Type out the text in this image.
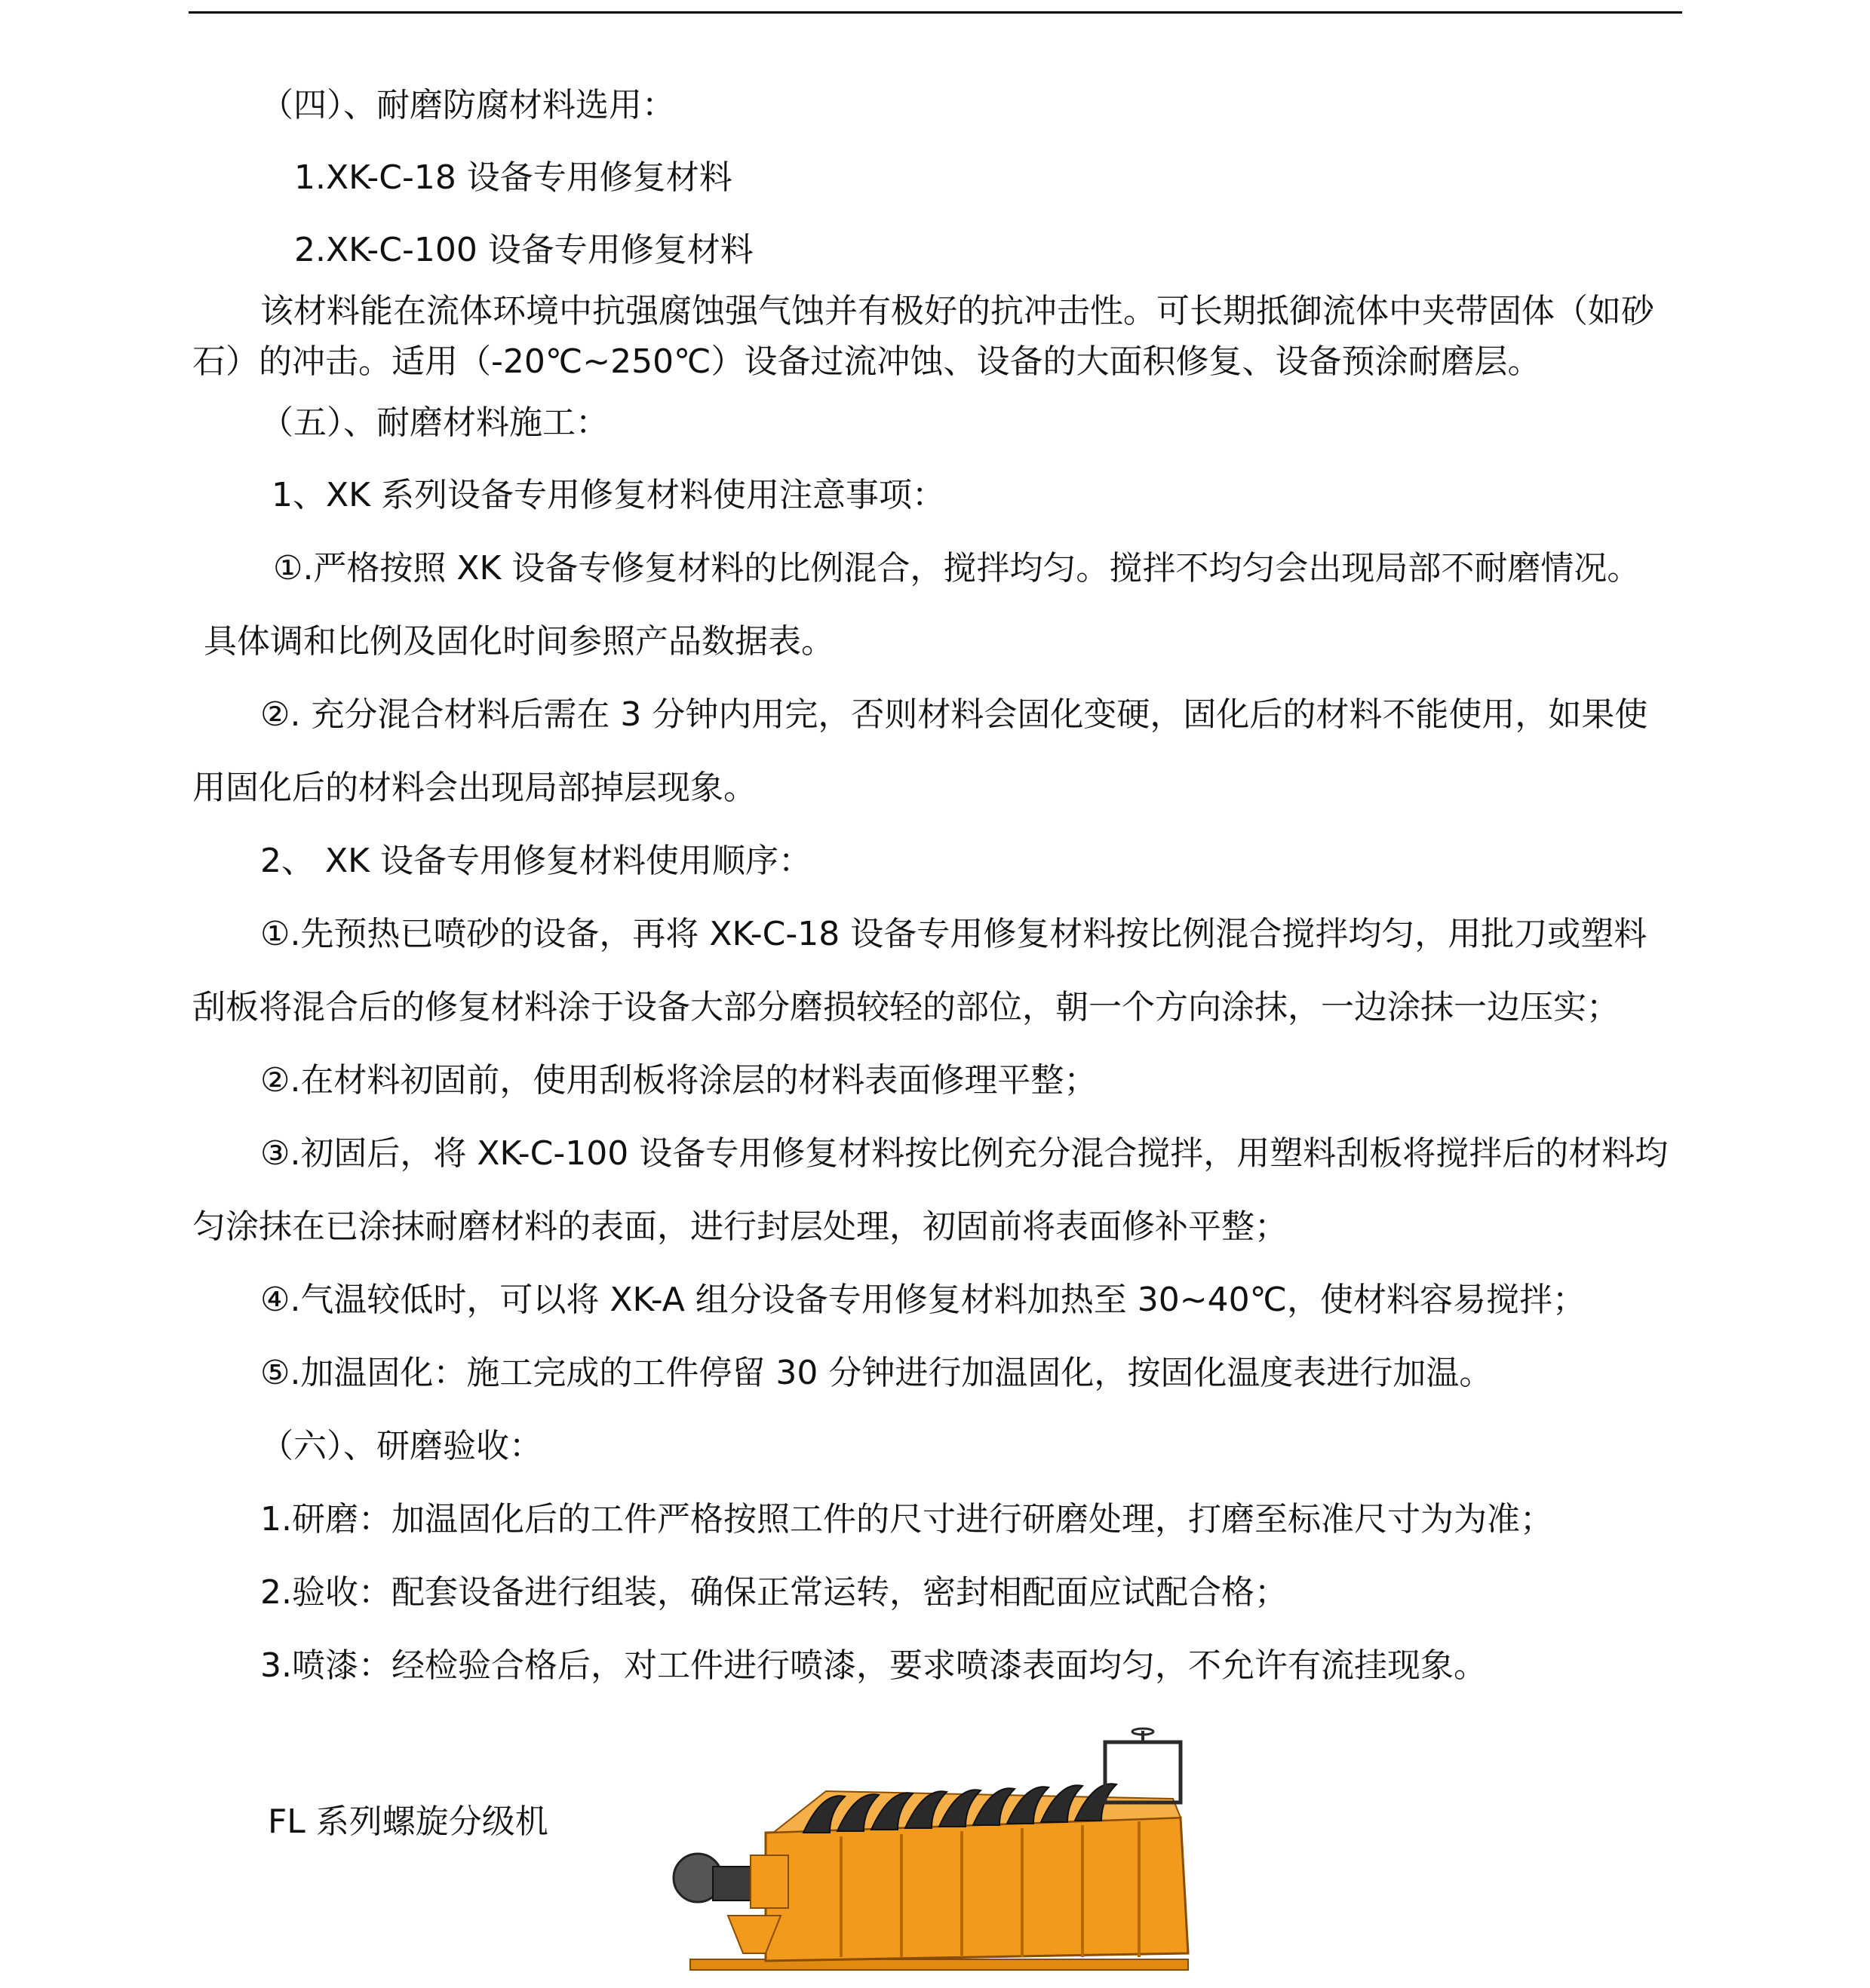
（四）、耐磨防腐材料选用：
1.XK-C-18 设备专用修复材料
2.XK-C-100 设备专用修复材料
该材料能在流体环境中抗强腐蚀强气蚀并有极好的抗冲击性。可长期抵御流体中夹带固体（如砂
石）的冲击。适用（-20℃~250℃）设备过流冲蚀、设备的大面积修复、设备预涂耐磨层。
（五）、耐磨材料施工：
1、XK 系列设备专用修复材料使用注意事项：
①.严格按照 XK 设备专修复材料的比例混合，搅拌均匀。搅拌不均匀会出现局部不耐磨情况。
具体调和比例及固化时间参照产品数据表。
②. 充分混合材料后需在 3 分钟内用完，否则材料会固化变硬，固化后的材料不能使用，如果使
用固化后的材料会出现局部掉层现象。
2、 XK 设备专用修复材料使用顺序：
①.先预热已喷砂的设备，再将 XK-C-18 设备专用修复材料按比例混合搅拌均匀，用批刀或塑料
刮板将混合后的修复材料涂于设备大部分磨损较轻的部位，朝一个方向涂抹，一边涂抹一边压实；
②.在材料初固前，使用刮板将涂层的材料表面修理平整；
③.初固后，将 XK-C-100 设备专用修复材料按比例充分混合搅拌，用塑料刮板将搅拌后的材料均
匀涂抹在已涂抹耐磨材料的表面，进行封层处理，初固前将表面修补平整；
④.气温较低时，可以将 XK-A 组分设备专用修复材料加热至 30~40℃，使材料容易搅拌；
⑤.加温固化：施工完成的工件停留 30 分钟进行加温固化，按固化温度表进行加温。
（六）、研磨验收：
1.研磨：加温固化后的工件严格按照工件的尺寸进行研磨处理，打磨至标准尺寸为为准；
2.验收：配套设备进行组装，确保正常运转，密封相配面应试配合格；
3.喷漆：经检验合格后，对工件进行喷漆，要求喷漆表面均匀，不允许有流挂现象。
FL 系列螺旋分级机
